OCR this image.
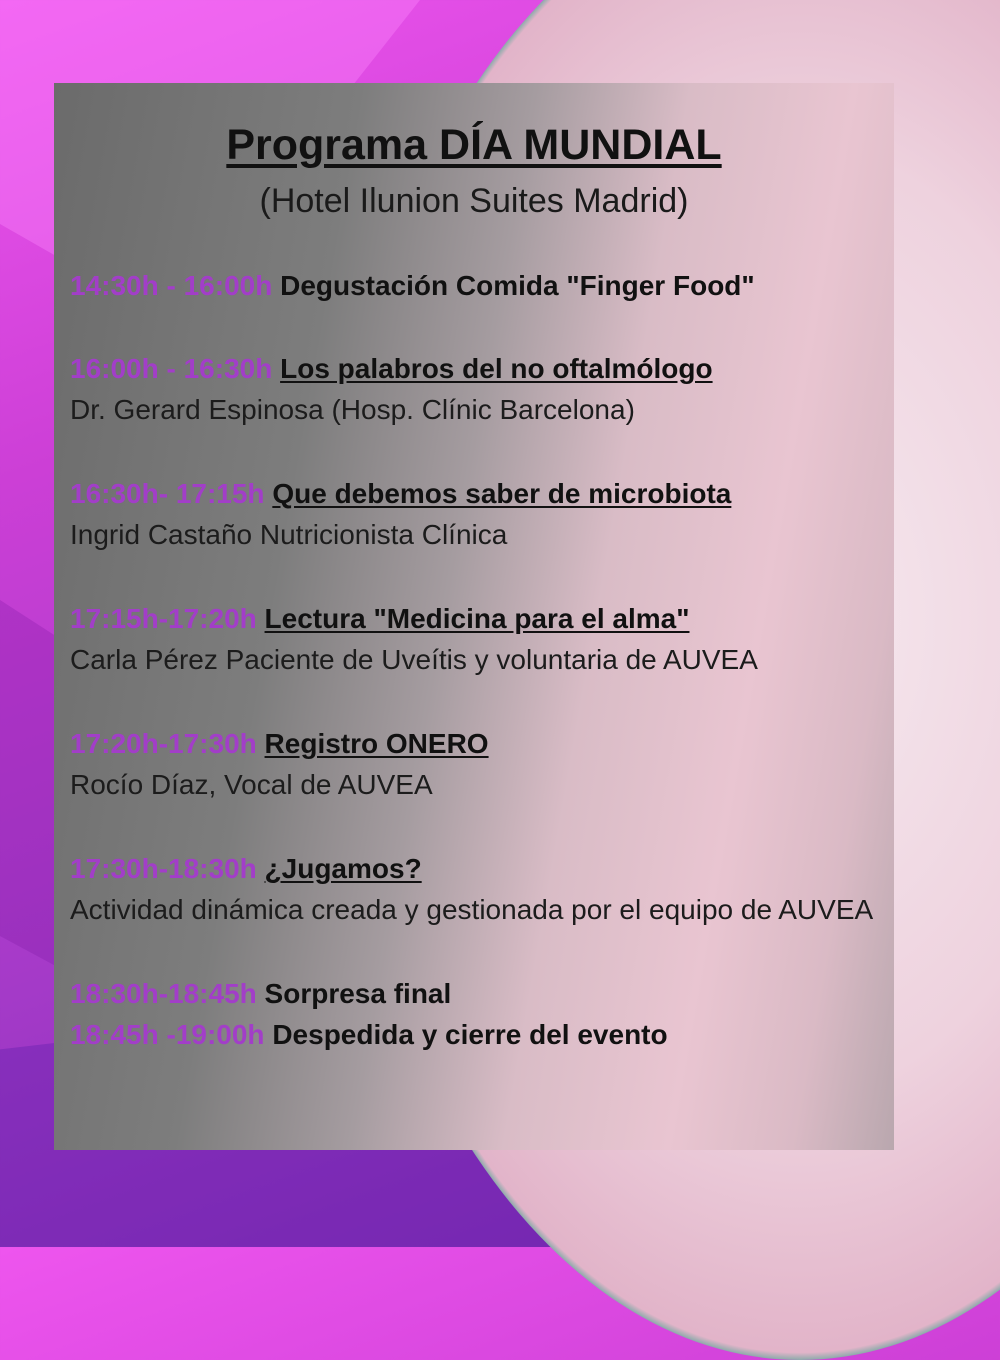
Programa DÍA MUNDIAL

(Hotel Ilunion Suites Madrid)

14:30h - 16:00h Degustación Comida "Finger Food"

16:00h - 16:30h Los palabros del no oftalmólogo

Dr. Gerard Espinosa (Hosp. Clínic Barcelona)

16:30h- 17:15h Que debemos saber de microbiota

Ingrid Castaño Nutricionista Clínica

17:15h-17:20h Lectura "Medicina para el alma"

Carla Pérez Paciente de Uveítis y voluntaria de AUVEA

17:20h-17:30h Registro ONERO

Rocío Díaz, Vocal de AUVEA

17:30h-18:30h ¿Jugamos?

Actividad dinámica creada y gestionada por el equipo de AUVEA

18:30h-18:45h Sorpresa final

18:45h -19:00h Despedida y cierre del evento
